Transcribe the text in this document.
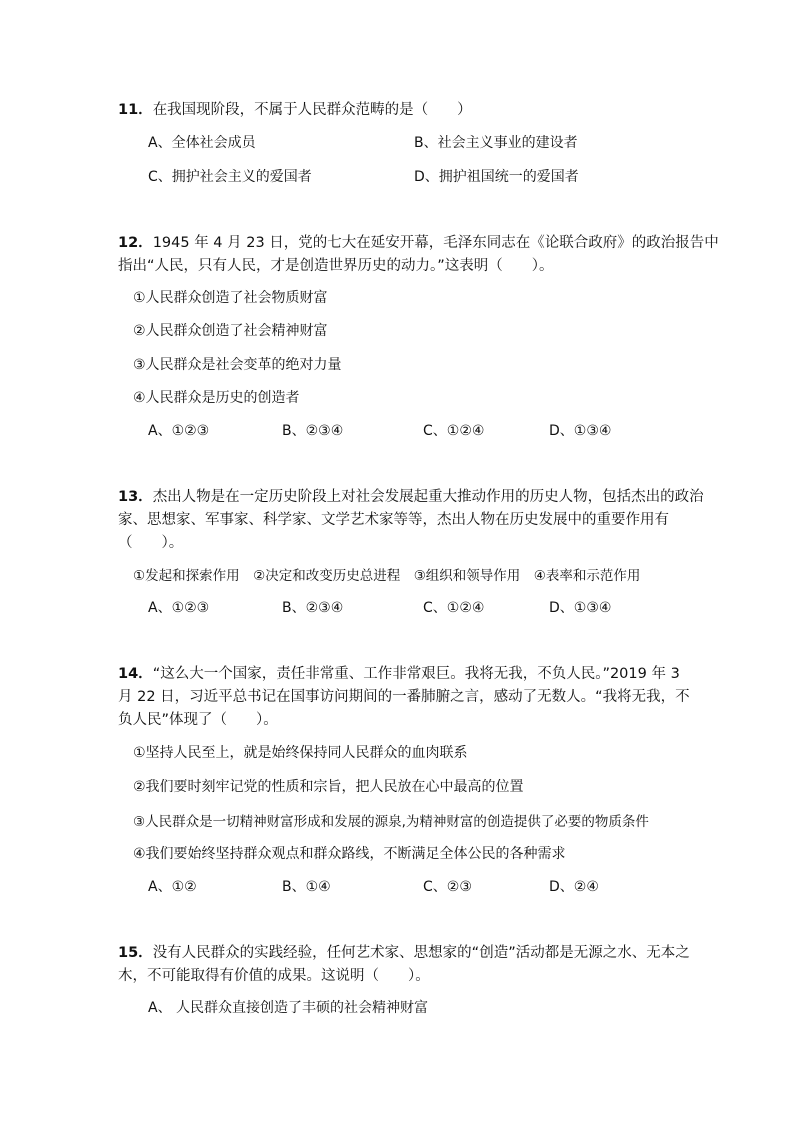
11．在我国现阶段，不属于人民群众范畴的是（　　）
A、全体社会成员	B、社会主义事业的建设者
C、拥护社会主义的爱国者	D、拥护祖国统一的爱国者
12．1945 年 4 月 23 日，党的七大在延安开幕，毛泽东同志在《论联合政府》的政治报告中
指出“人民，只有人民，才是创造世界历史的动力。”这表明（　　）。
①人民群众创造了社会物质财富
②人民群众创造了社会精神财富
③人民群众是社会变革的绝对力量
④人民群众是历史的创造者
A、①②③	B、②③④	C、①②④	D、①③④
13．杰出人物是在一定历史阶段上对社会发展起重大推动作用的历史人物，包括杰出的政治
家、思想家、军事家、科学家、文学艺术家等等，杰出人物在历史发展中的重要作用有
（　　）。
①发起和探索作用　②决定和改变历史总进程　③组织和领导作用　④表率和示范作用
A、①②③	B、②③④	C、①②④	D、①③④
14．“这么大一个国家，责任非常重、工作非常艰巨。我将无我，不负人民。”2019 年 3
月 22 日，习近平总书记在国事访问期间的一番肺腑之言，感动了无数人。“我将无我，不
负人民”体现了（　　）。
①坚持人民至上，就是始终保持同人民群众的血肉联系
②我们要时刻牢记党的性质和宗旨，把人民放在心中最高的位置
③人民群众是一切精神财富形成和发展的源泉,为精神财富的创造提供了必要的物质条件
④我们要始终坚持群众观点和群众路线，不断满足全体公民的各种需求
A、①②	B、①④	C、②③	D、②④
15．没有人民群众的实践经验，任何艺术家、思想家的“创造”活动都是无源之水、无本之
木，不可能取得有价值的成果。这说明（　　）。
A、 人民群众直接创造了丰硕的社会精神财富
